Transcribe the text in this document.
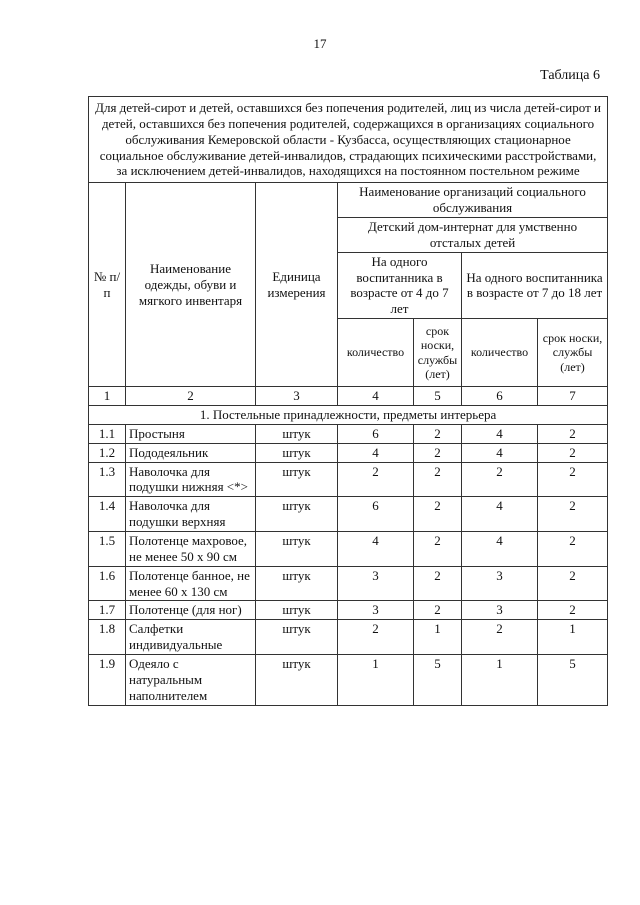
17
Таблица 6
Для детей-сирот и детей, оставшихся без попечения родителей, лиц из числа детей-сирот и детей, оставшихся без попечения родителей, содержащихся в организациях социального обслуживания Кемеровской области - Кузбасса, осуществляющих стационарное социальное обслуживание детей-инвалидов, страдающих психическими расстройствами, за исключением детей-инвалидов, находящихся на постоянном постельном режиме						
№ п/п	Наименование одежды, обуви и мягкого инвентаря	Единица измерения	Наименование организаций социального обслуживания			
			Детский дом-интернат для умственно отсталых детей			
			На одного воспитанника в возрасте от 4 до 7 лет		На одного воспитанника в возрасте от 7 до 18 лет	
			количество	срок носки, службы (лет)	количество	срок носки, службы (лет)
1	2	3	4	5	6	7
1. Постельные принадлежности, предметы интерьера						
1.1	Простыня	штук	6	2	4	2
1.2	Пододеяльник	штук	4	2	4	2
1.3	Наволочка для подушки нижняя <*>	штук	2	2	2	2
1.4	Наволочка для подушки верхняя	штук	6	2	4	2
1.5	Полотенце махровое, не менее 50 x 90 см	штук	4	2	4	2
1.6	Полотенце банное, не менее 60 x 130 см	штук	3	2	3	2
1.7	Полотенце (для ног)	штук	3	2	3	2
1.8	Салфетки индивидуальные	штук	2	1	2	1
1.9	Одеяло с натуральным наполнителем	штук	1	5	1	5
